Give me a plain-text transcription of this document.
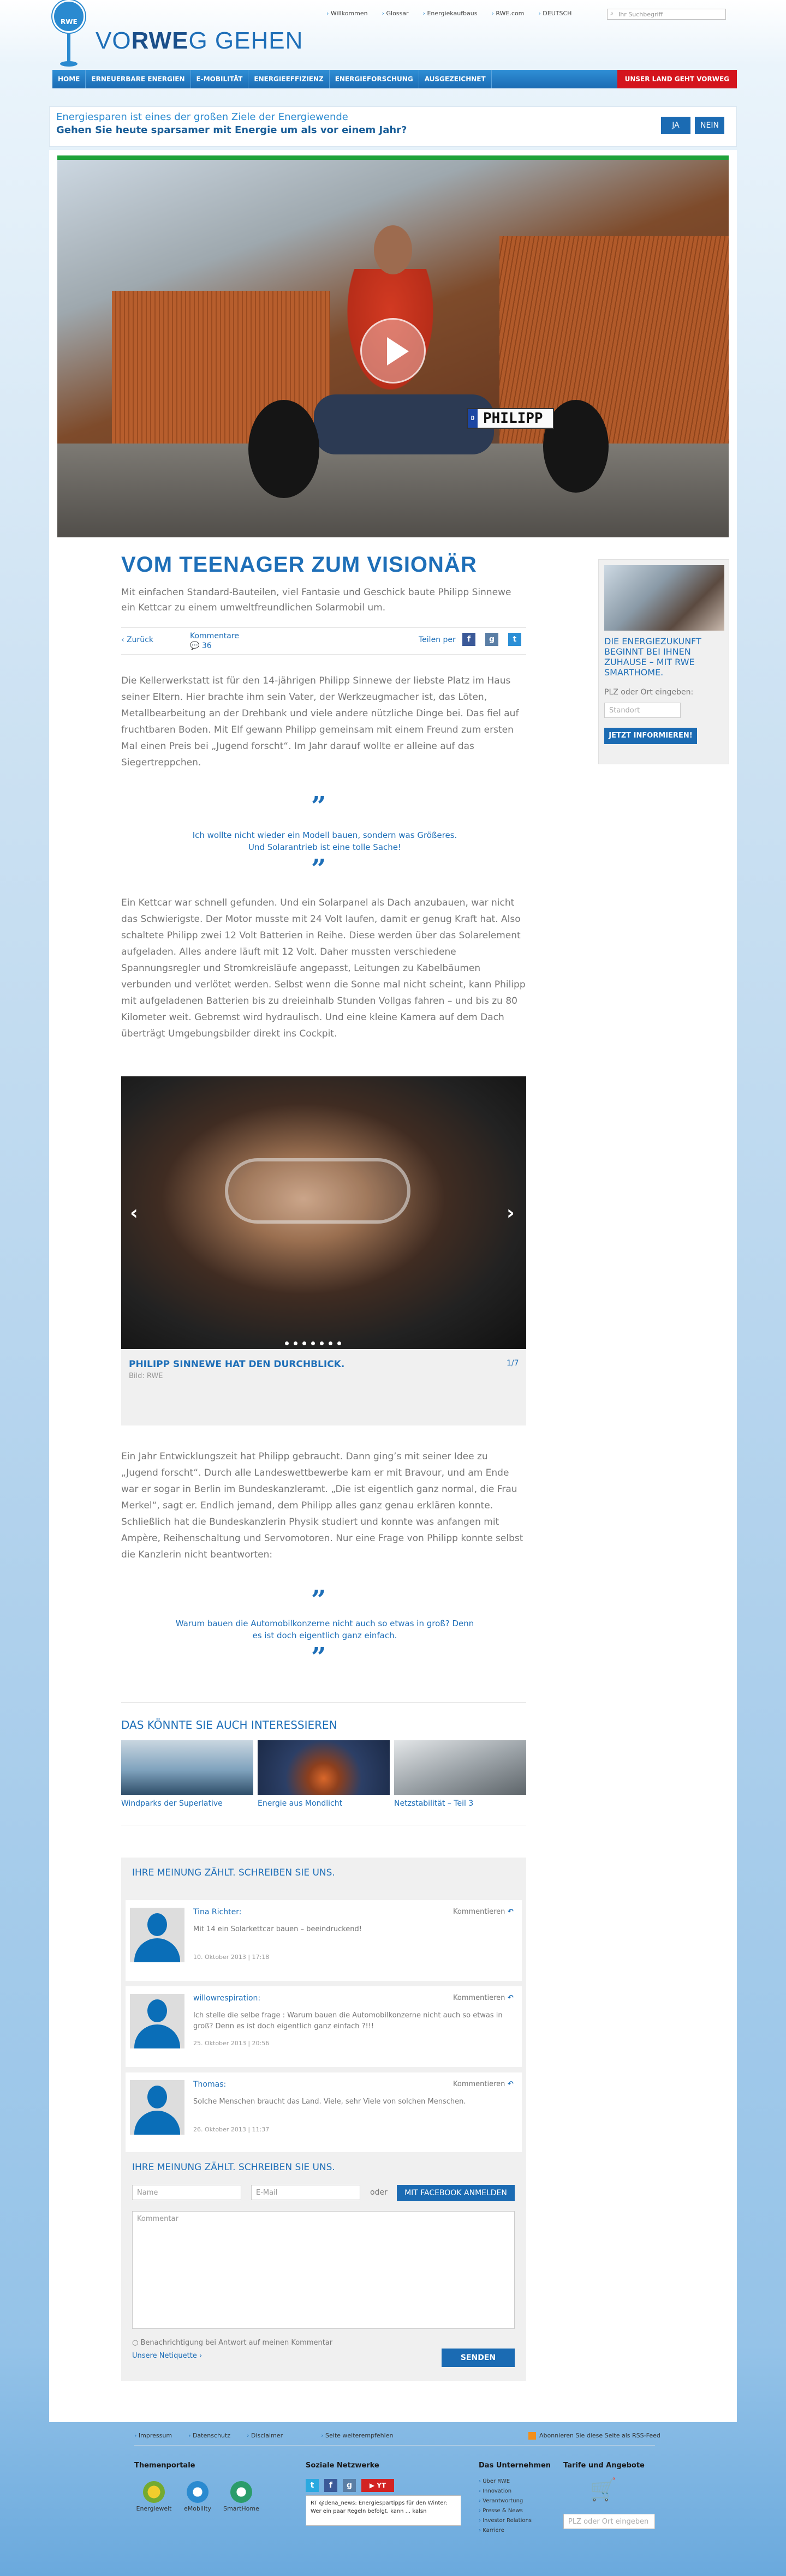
RWE
VORWEG GEHEN
› Willkommen	› Glossar	› Energiekaufbaus	› RWE.com	› DEUTSCH	⌕ Ihr Suchbegriff
HOME	ERNEUERBARE ENERGIEN	E-MOBILITÄT	ENERGIEEFFIZIENZ	ENERGIEFORSCHUNG	AUSGEZEICHNET	UNSER LAND GEHT VORWEG
Energiesparen ist eines der großen Ziele der Energiewende
Gehen Sie heute sparsamer mit Energie um als vor einem Jahr?	JA	NEIN
D PHILIPP
VOM TEENAGER ZUM VISIONÄR

Mit einfachen Standard-Bauteilen, viel Fantasie und Geschick baute Philipp Sinnewe ein Kettcar zu einem umweltfreundlichen Solarmobil um.

‹ Zurück	Kommentare
💬 36
Teilen per	f	g	t

Die Kellerwerkstatt ist für den 14-jährigen Philipp Sinnewe der liebste Platz im Haus seiner Eltern. Hier brachte ihm sein Vater, der Werkzeugmacher ist, das Löten, Metallbearbeitung an der Drehbank und viele andere nützliche Dinge bei. Das fiel auf fruchtbaren Boden. Mit Elf gewann Philipp gemeinsam mit einem Freund zum ersten Mal einen Preis bei „Jugend forscht“. Im Jahr darauf wollte er alleine auf das Siegertreppchen.

”

Ich wollte nicht wieder ein Modell bauen, sondern was Größeres. Und Solarantrieb ist eine tolle Sache!

”

Ein Kettcar war schnell gefunden. Und ein Solarpanel als Dach anzubauen, war nicht das Schwierigste. Der Motor musste mit 24 Volt laufen, damit er genug Kraft hat. Also schaltete Philipp zwei 12 Volt Batterien in Reihe. Diese werden über das Solarelement aufgeladen. Alles andere läuft mit 12 Volt. Daher mussten verschiedene Spannungsregler und Stromkreisläufe angepasst, Leitungen zu Kabelbäumen verbunden und verlötet werden. Selbst wenn die Sonne mal nicht scheint, kann Philipp mit aufgeladenen Batterien bis zu dreieinhalb Stunden Vollgas fahren – und bis zu 80 Kilometer weit. Gebremst wird hydraulisch. Und eine kleine Kamera auf dem Dach überträgt Umgebungsbilder direkt ins Cockpit.

‹	›
PHILIPP SINNEWE HAT DEN DURCHBLICK.
Bild: RWE
1/7

Ein Jahr Entwicklungszeit hat Philipp gebraucht. Dann ging’s mit seiner Idee zu „Jugend forscht“. Durch alle Landeswettbewerbe kam er mit Bravour, und am Ende war er sogar in Berlin im Bundeskanzleramt. „Die ist eigentlich ganz normal, die Frau Merkel“, sagt er. Endlich jemand, dem Philipp alles ganz genau erklären konnte. Schließlich hat die Bundeskanzlerin Physik studiert und konnte was anfangen mit Ampère, Reihenschaltung und Servomotoren. Nur eine Frage von Philipp konnte selbst die Kanzlerin nicht beantworten:

”

Warum bauen die Automobilkonzerne nicht auch so etwas in groß? Denn es ist doch eigentlich ganz einfach.

”
DAS KÖNNTE SIE AUCH INTERESSIEREN
Windparks der Superlative	Energie aus Mondlicht	Netzstabilität – Teil 3
IHRE MEINUNG ZÄHLT. SCHREIBEN SIE UNS.
Tina Richter:
Mit 14 ein Solarkettcar bauen – beeindruckend!
10. Oktober 2013 | 17:18
Kommentieren ↶
willowrespiration:
Ich stelle die selbe frage : Warum bauen die Automobilkonzerne nicht auch so etwas in groß? Denn es ist doch eigentlich ganz einfach ?!!!
25. Oktober 2013 | 20:56
Kommentieren ↶
Thomas:
Solche Menschen braucht das Land. Viele, sehr Viele von solchen Menschen.
26. Oktober 2013 | 11:37
Kommentieren ↶
IHRE MEINUNG ZÄHLT. SCHREIBEN SIE UNS.
Name	E-Mail	oder	MIT FACEBOOK ANMELDEN
Kommentar
○ Benachrichtigung bei Antwort auf meinen Kommentar
Unsere Netiquette ›	SENDEN
DIE ENERGIEZUKUNFT BEGINNT BEI IHNEN ZUHAUSE – MIT RWE SMARTHOME.
PLZ oder Ort eingeben:
Standort
JETZT INFORMIEREN!
› Impressum	› Datenschutz	› Disclaimer	› Seite weiterempfehlen	Abonnieren Sie diese Seite als RSS-Feed
Themenportale
Energiewelt	eMobility	SmartHome
Soziale Netzwerke
t	f	g	▶ YT
RT @dena_news: Energiespartipps für den Winter: Wer ein paar Regeln befolgt, kann ... kalsn
Das Unternehmen
› Über RWE
› Innovation
› Verantwortung
› Presse & News
› Investor Relations
› Karriere
Tarife und Angebote
🛒
PLZ oder Ort eingeben
